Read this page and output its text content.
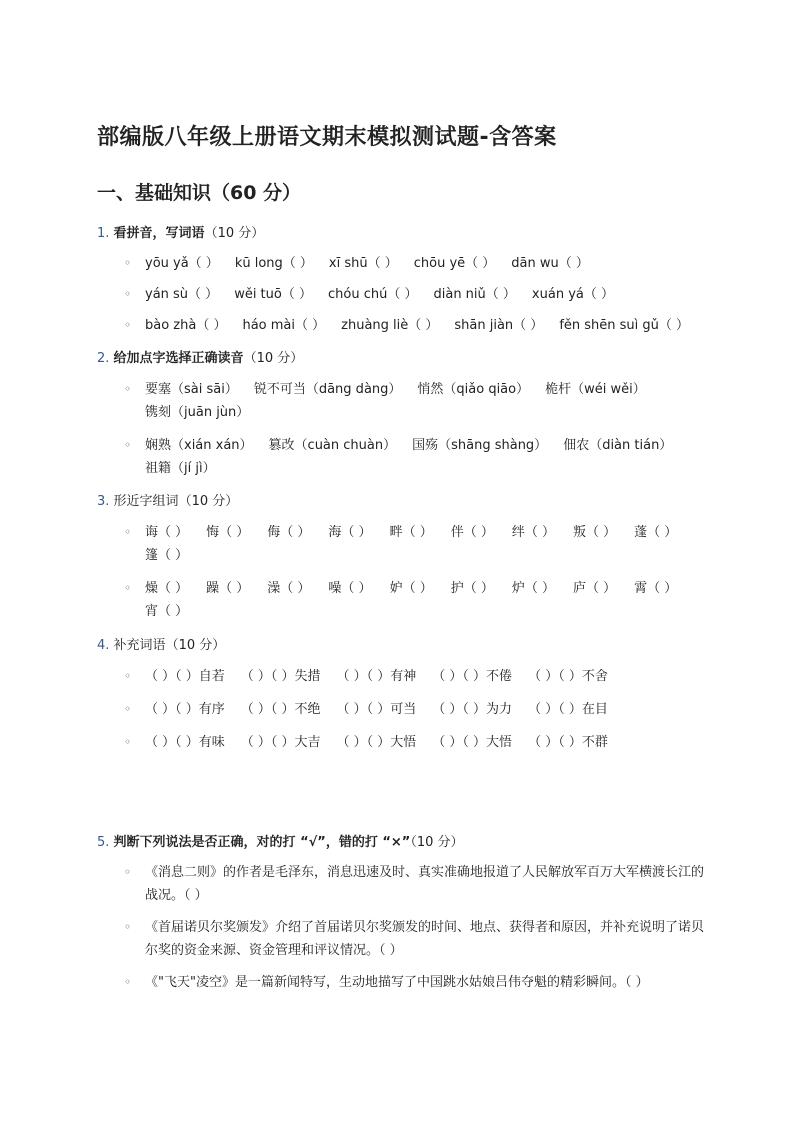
部编版八年级上册语文期末模拟测试题-含答案
一、基础知识（60 分）
1. 看拼音，写词语（10 分）
◦ yōu yǎ（ ） kū long（ ） xī shū（ ） chōu yē（ ） dān wu（ ）
◦ yán sù（ ） wěi tuō（ ） chóu chú（ ） diàn niǔ（ ） xuán yá（ ）
◦ bào zhà（ ） háo mài（ ） zhuàng liè（ ） shān jiàn（ ） fěn shēn suì gǔ（ ）
2. 给加点字选择正确读音（10 分）
◦ 要塞（sài sāi） 锐不可当（dāng dàng） 悄然（qiǎo qiāo） 桅杆（wéi wěi）
镌刻（juān jùn）
◦ 娴熟（xián xán） 篡改（cuàn chuàn） 国殇（shāng shàng） 佃农（diàn tián）
祖籍（jí jì）
3. 形近字组词（10 分）
◦ 诲（ ） 悔（ ） 侮（ ） 海（ ） 畔（ ） 伴（ ） 绊（ ） 叛（ ） 蓬（ ）
篷（ ）
◦ 燥（ ） 躁（ ） 澡（ ） 噪（ ） 妒（ ） 护（ ） 炉（ ） 庐（ ） 霄（ ）
宵（ ）
4. 补充词语（10 分）
◦ （ ）（ ）自若 （ ）（ ）失措 （ ）（ ）有神 （ ）（ ）不倦 （ ）（ ）不舍
◦ （ ）（ ）有序 （ ）（ ）不绝 （ ）（ ）可当 （ ）（ ）为力 （ ）（ ）在目
◦ （ ）（ ）有味 （ ）（ ）大吉 （ ）（ ）大悟 （ ）（ ）大悟 （ ）（ ）不群
5. 判断下列说法是否正确，对的打 “√”，错的打 “×”（10 分）
◦ 《消息二则》的作者是毛泽东，消息迅速及时、真实准确地报道了人民解放军百万大军横渡长江的战况。（ ）
◦ 《首届诺贝尔奖颁发》介绍了首届诺贝尔奖颁发的时间、地点、获得者和原因，并补充说明了诺贝尔奖的资金来源、资金管理和评议情况。（ ）
◦ 《"飞天"凌空》是一篇新闻特写，生动地描写了中国跳水姑娘吕伟夺魁的精彩瞬间。（ ）
